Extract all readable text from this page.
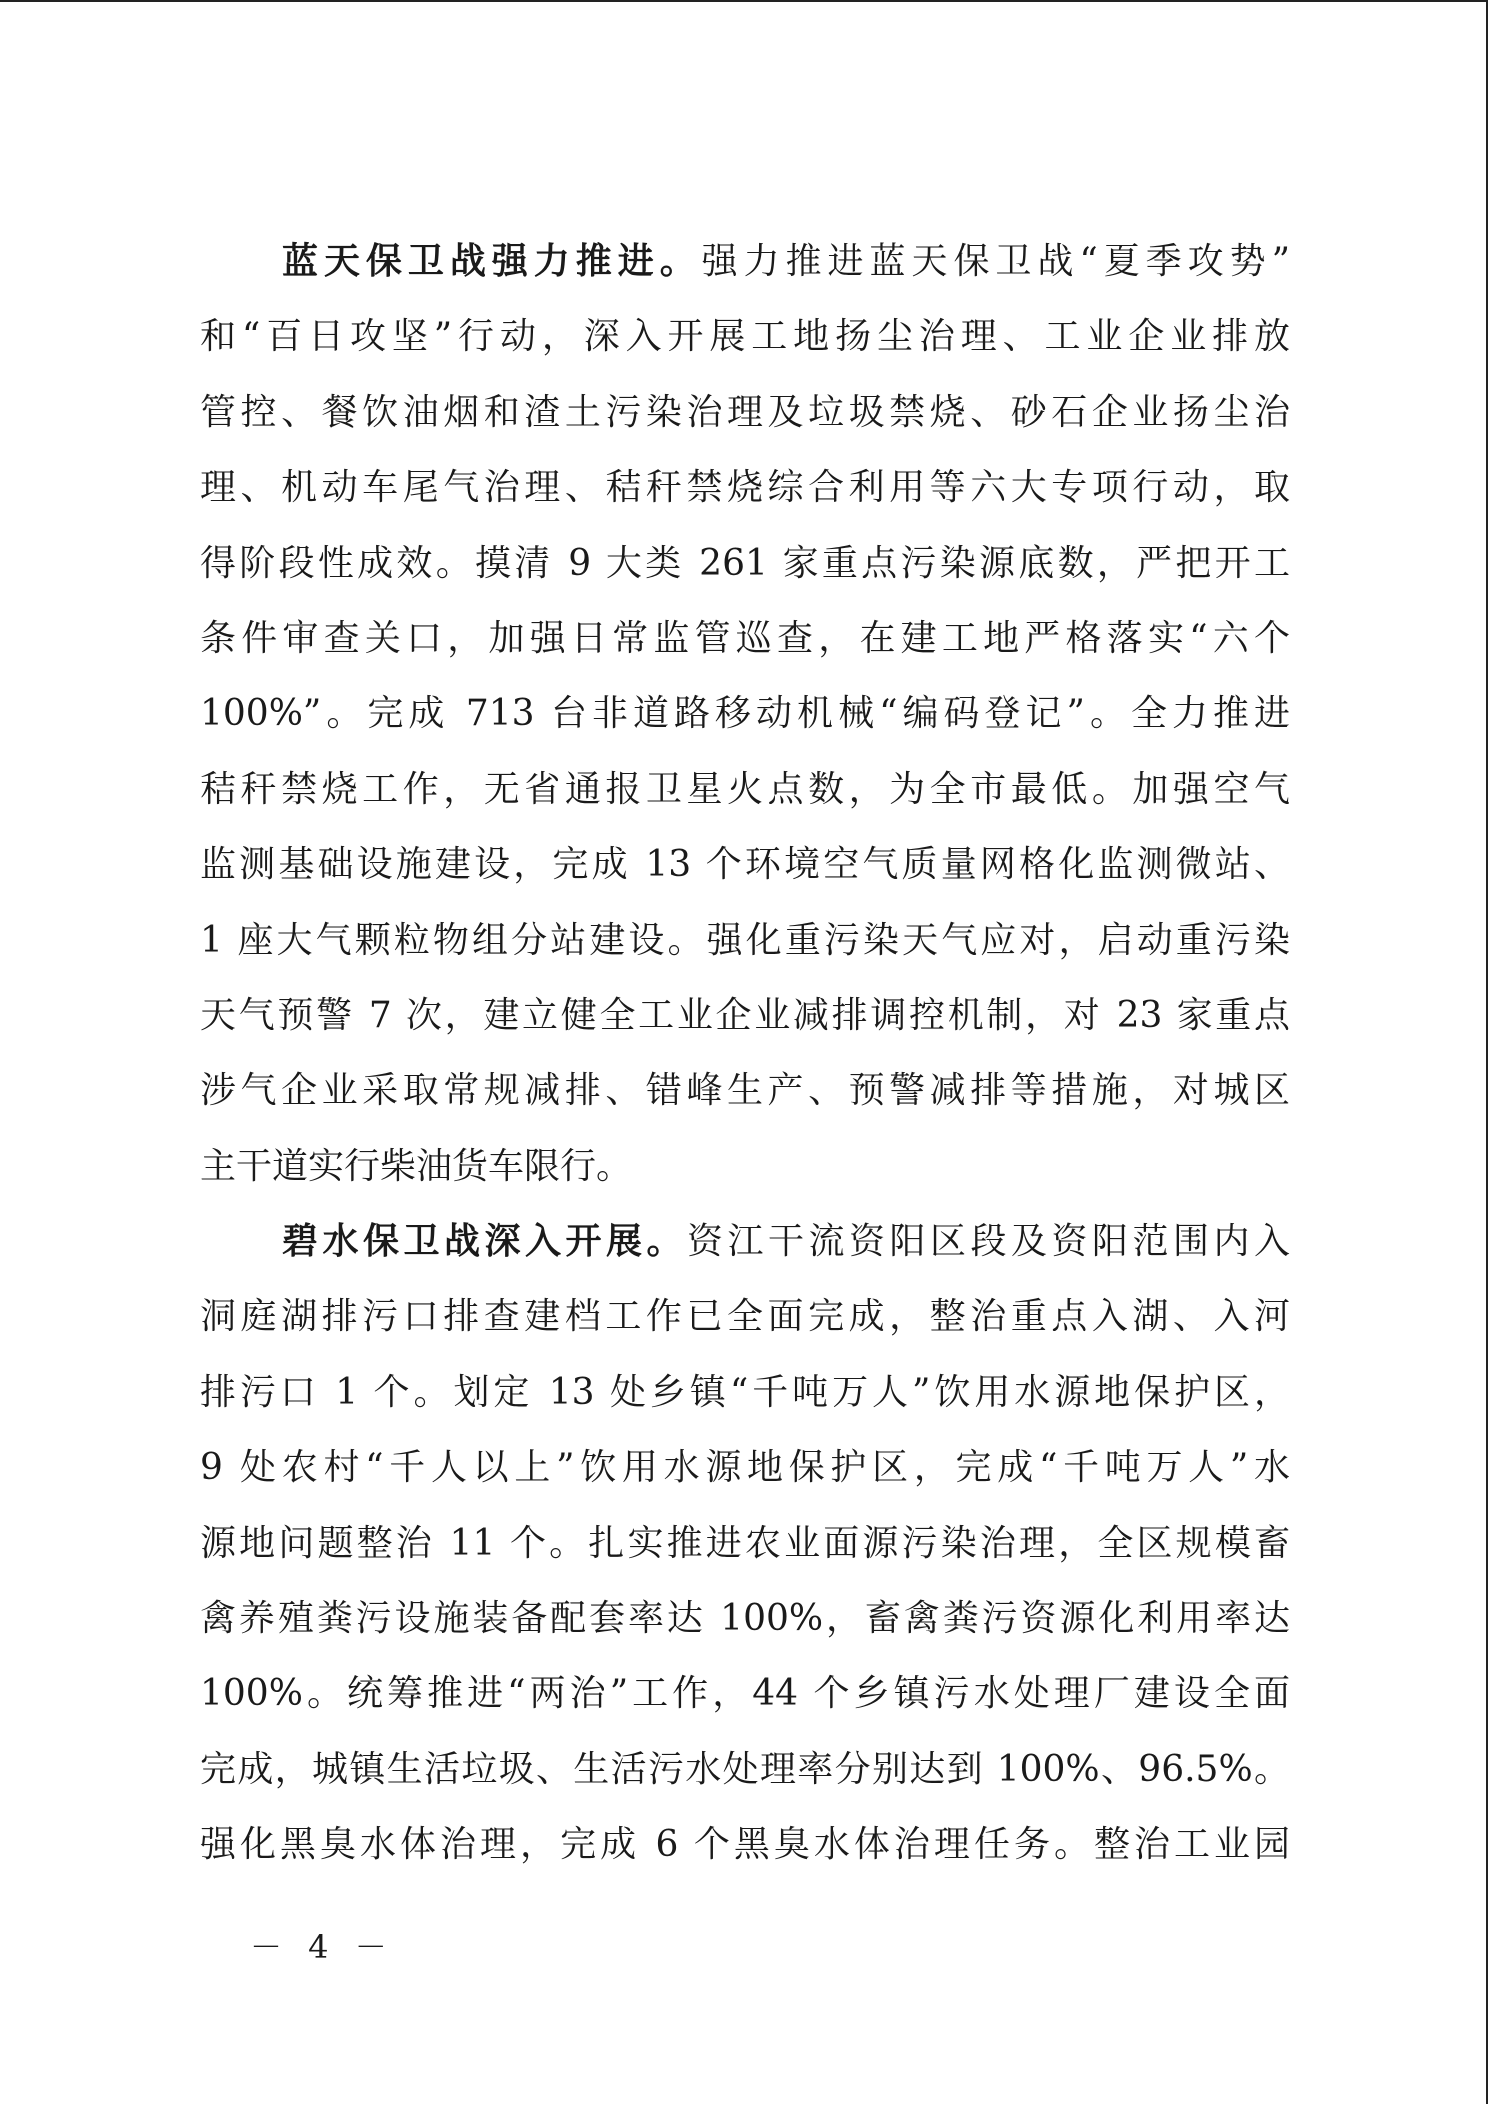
蓝天保卫战强力推进。强力推进蓝天保卫战“夏季攻势”
和“百日攻坚”行动，深入开展工地扬尘治理、工业企业排放
管控、餐饮油烟和渣土污染治理及垃圾禁烧、砂石企业扬尘治
理、机动车尾气治理、秸秆禁烧综合利用等六大专项行动，取
得阶段性成效。摸清 9 大类 261 家重点污染源底数，严把开工
条件审查关口，加强日常监管巡查，在建工地严格落实“六个
100%”。完成 713 台非道路移动机械“编码登记”。全力推进
秸秆禁烧工作，无省通报卫星火点数，为全市最低。加强空气
监测基础设施建设，完成 13 个环境空气质量网格化监测微站、
1 座大气颗粒物组分站建设。强化重污染天气应对，启动重污染
天气预警 7 次，建立健全工业企业减排调控机制，对 23 家重点
涉气企业采取常规减排、错峰生产、预警减排等措施，对城区
主干道实行柴油货车限行。
碧水保卫战深入开展。资江干流资阳区段及资阳范围内入
洞庭湖排污口排查建档工作已全面完成，整治重点入湖、入河
排污口 1 个。划定 13 处乡镇“千吨万人”饮用水源地保护区，
9 处农村“千人以上”饮用水源地保护区，完成“千吨万人”水
源地问题整治 11 个。扎实推进农业面源污染治理，全区规模畜
禽养殖粪污设施装备配套率达 100%，畜禽粪污资源化利用率达
100%。统筹推进“两治”工作，44 个乡镇污水处理厂建设全面
完成，城镇生活垃圾、生活污水处理率分别达到 100%、96.5%。
强化黑臭水体治理，完成 6 个黑臭水体治理任务。整治工业园
－ 4 －
